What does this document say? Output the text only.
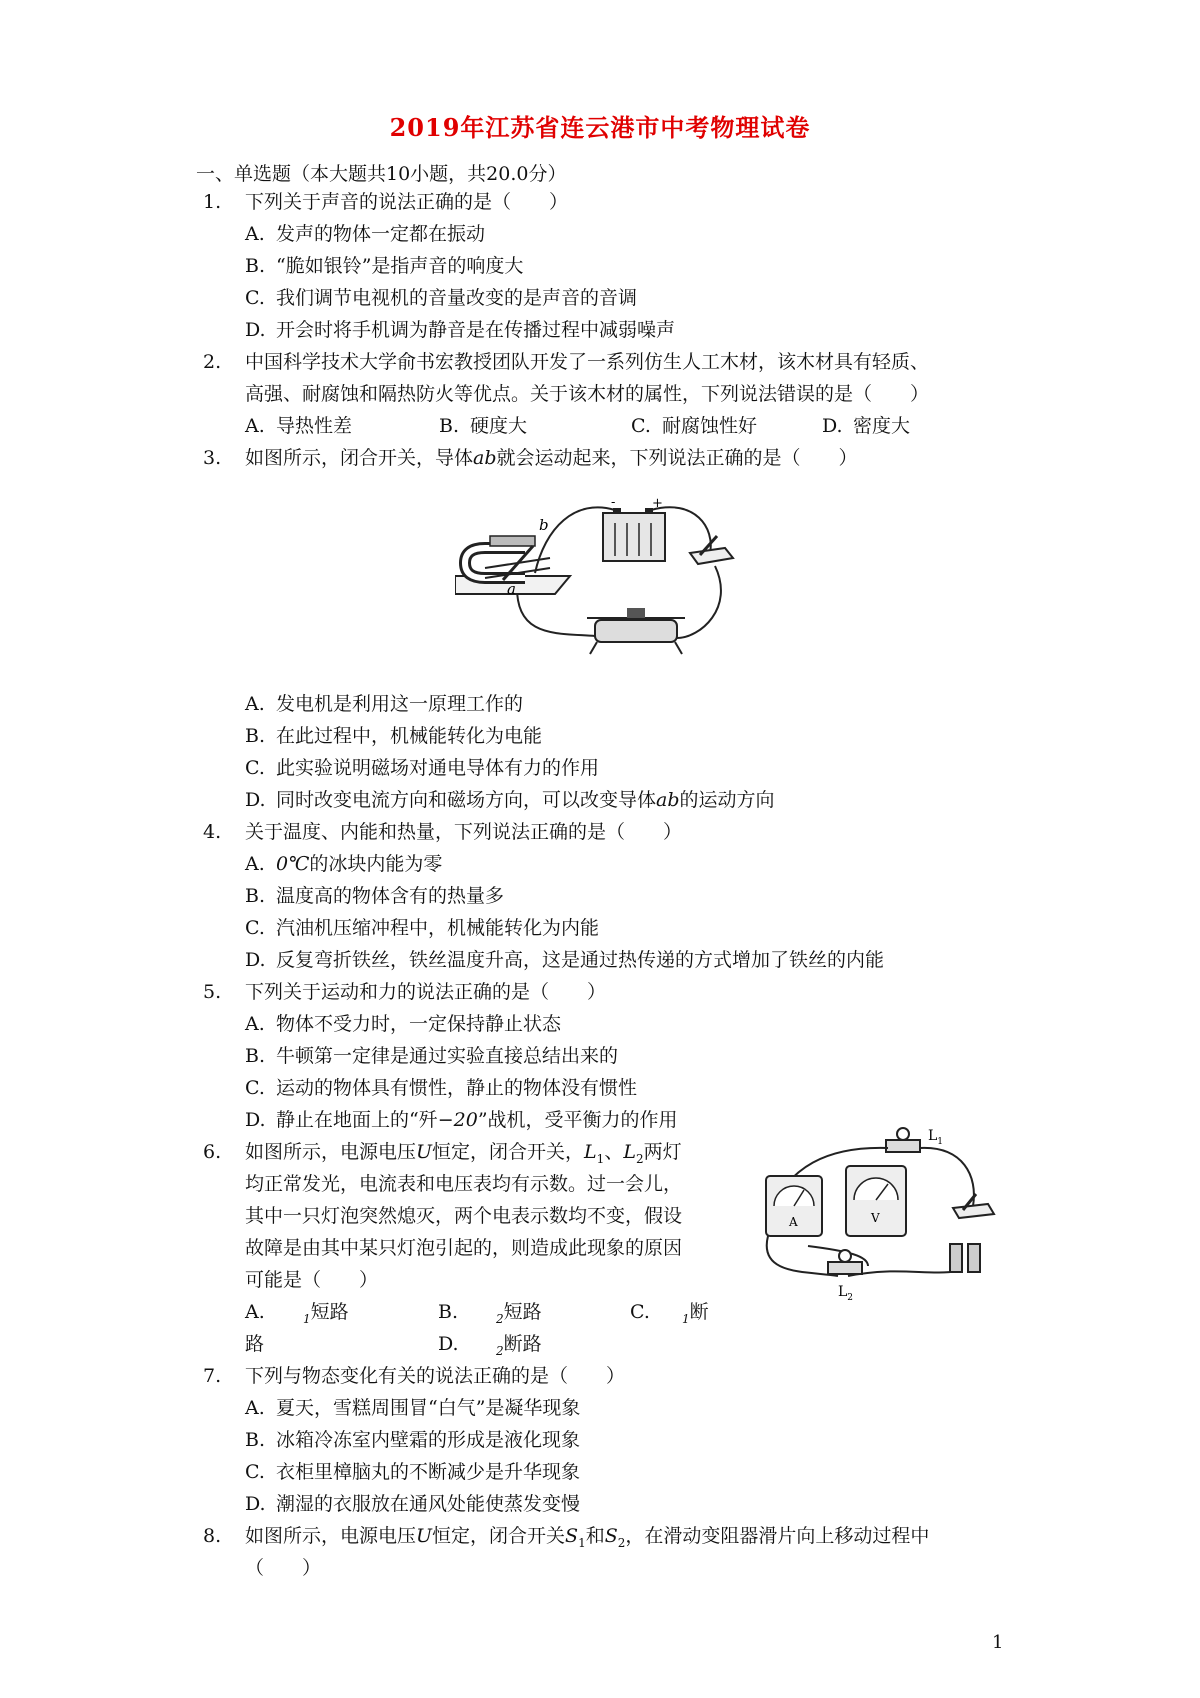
2019年江苏省连云港市中考物理试卷
一、单选题（本大题共10小题，共20.0分）
1. 下列关于声音的说法正确的是（　　）
A. 发声的物体一定都在振动
B. “脆如银铃”是指声音的响度大
C. 我们调节电视机的音量改变的是声音的音调
D. 开会时将手机调为静音是在传播过程中减弱噪声
2. 中国科学技术大学俞书宏教授团队开发了一系列仿生人工木材，该木材具有轻质、
高强、耐腐蚀和隔热防火等优点。关于该木材的属性，下列说法错误的是（　　）
A. 导热性差	B. 硬度大	C. 耐腐蚀性好	D. 密度大
3. 如图所示，闭合开关，导体ab就会运动起来，下列说法正确的是（　　）
-	+
a
b
A. 发电机是利用这一原理工作的
B. 在此过程中，机械能转化为电能
C. 此实验说明磁场对通电导体有力的作用
D. 同时改变电流方向和磁场方向，可以改变导体ab的运动方向
4. 关于温度、内能和热量，下列说法正确的是（　　）
A. 0℃的冰块内能为零
B. 温度高的物体含有的热量多
C. 汽油机压缩冲程中，机械能转化为内能
D. 反复弯折铁丝，铁丝温度升高，这是通过热传递的方式增加了铁丝的内能
5. 下列关于运动和力的说法正确的是（　　）
A. 物体不受力时，一定保持静止状态
B. 牛顿第一定律是通过实验直接总结出来的
C. 运动的物体具有惯性，静止的物体没有惯性
D. 静止在地面上的“歼−20”战机，受平衡力的作用
6. 如图所示，电源电压U恒定，闭合开关，$L_1$、$L_2$两灯
均正常发光，电流表和电压表均有示数。过一会儿，
其中一只灯泡突然熄灭，两个电表示数均不变，假设
故障是由其中某只灯泡引起的，则造成此现象的原因
可能是（　　）
A.	$_1$短路	B.	$_2$短路	C.	$_1$断
路	D.	$_2$断路
$L_1$
A	V
$L_2$
7. 下列与物态变化有关的说法正确的是（　　）
A. 夏天，雪糕周围冒“白气”是凝华现象
B. 冰箱冷冻室内壁霜的形成是液化现象
C. 衣柜里樟脑丸的不断减少是升华现象
D. 潮湿的衣服放在通风处能使蒸发变慢
8. 如图所示，电源电压U恒定，闭合开关$S_1$和$S_2$，在滑动变阻器滑片向上移动过程中
（　　）
1
